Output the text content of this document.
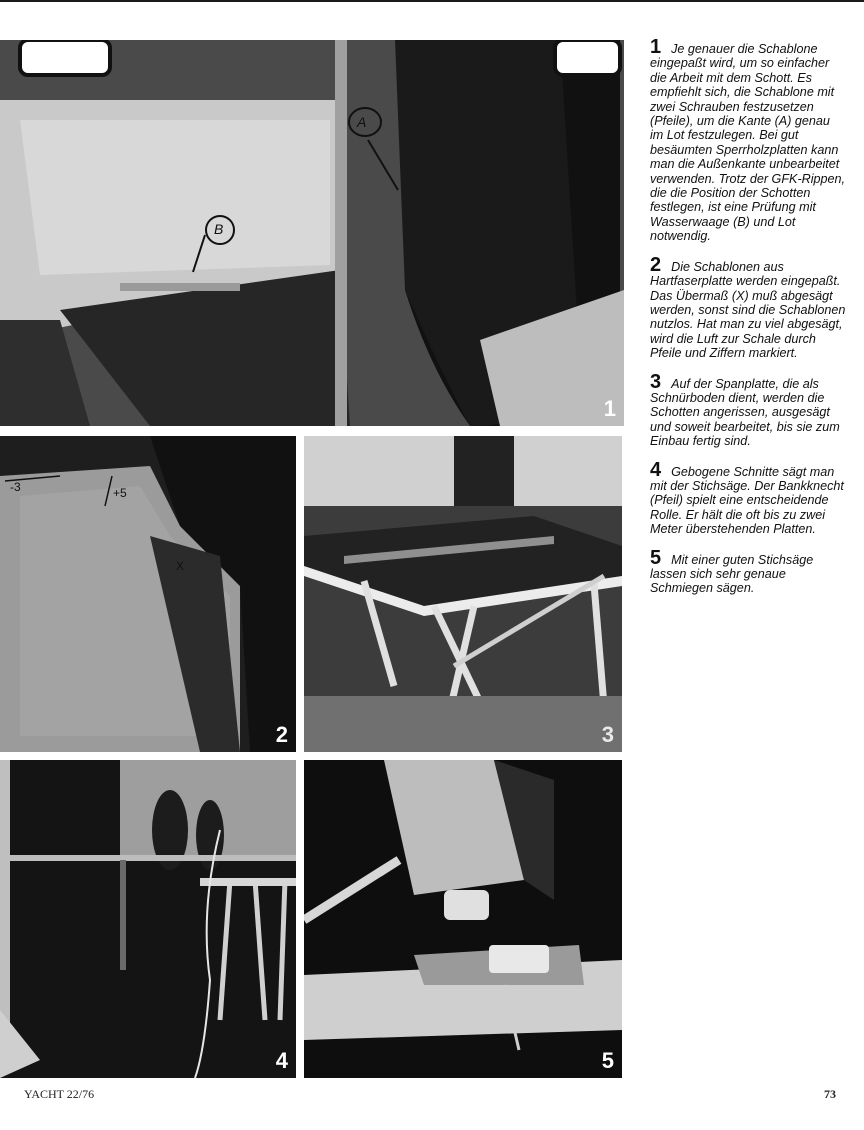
A
B
1
-3	+5
X
2	3
4	5

1 Je genauer die Schablone eingepaßt wird, um so einfacher die Arbeit mit dem Schott. Es empfiehlt sich, die Schablone mit zwei Schrauben festzusetzen (Pfeile), um die Kante (A) genau im Lot festzulegen. Bei gut besäumten Sperrholzplatten kann man die Außenkante unbearbeitet verwenden. Trotz der GFK-Rippen, die die Position der Schotten festlegen, ist eine Prüfung mit Wasserwaage (B) und Lot notwendig.

2 Die Schablonen aus Hartfaserplatte werden eingepaßt. Das Übermaß (X) muß abgesägt werden, sonst sind die Schablonen nutzlos. Hat man zu viel abgesägt, wird die Luft zur Schale durch Pfeile und Ziffern markiert.

3 Auf der Spanplatte, die als Schnürboden dient, werden die Schotten angerissen, ausgesägt und soweit bearbeitet, bis sie zum Einbau fertig sind.

4 Gebogene Schnitte sägt man mit der Stichsäge. Der Bankknecht (Pfeil) spielt eine entscheidende Rolle. Er hält die oft bis zu zwei Meter überstehenden Platten.

5 Mit einer guten Stichsäge lassen sich sehr genaue Schmiegen sägen.

YACHT 22/76	73
